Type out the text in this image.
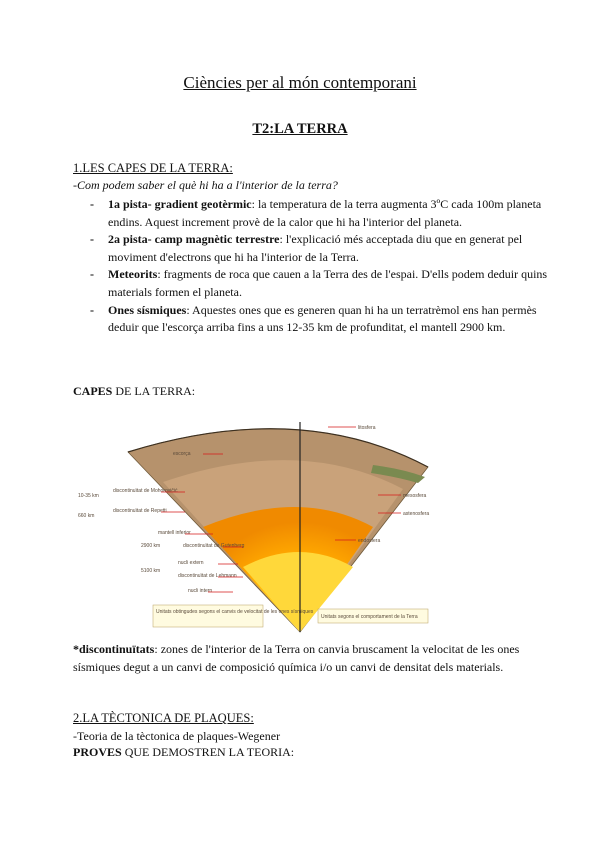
Ciències per al món contemporani
T2:LA TERRA
1.LES CAPES DE LA TERRA:
-Com podem saber el què hi ha a l'interior de la terra?
- 1a pista- gradient geotèrmic: la temperatura de la terra augmenta 3ºC cada 100m planeta endins. Aquest increment provè de la calor que hi ha l'interior del planeta.
- 2a pista- camp magnètic terrestre: l'explicació més acceptada diu que en generat pel moviment d'electrons que hi ha l'interior de la Terra.
- Meteorits: fragments de roca que cauen a la Terra des de l'espai. D'ells podem deduir quins materials formen el planeta.
- Ones sísmiques: Aquestes ones que es generen quan hi ha un terratrèmol ens han permès deduir que l'escorça arriba fins a uns 12-35 km de profunditat, el mantell 2900 km.
CAPES DE LA TERRA:
Unitats obtingudes segons el canvis de velocitat de les ones sísmiques
Unitats segons el comportament de la Terra
escorça
discontinuïtat de Mohorovičić
discontinuïtat de Repetti
mantell inferior
discontinuïtat de Gutenberg
nucli extern
discontinuïtat de Lehmann
nucli intern
10-35 km
660 km
2900 km
5100 km
litosfera
mesosfera
astenosfera
endosfera
*discontinuïtats: zones de l'interior de la Terra on canvia bruscament la velocitat de les ones sísmiques degut a un canvi de composició química i/o un canvi de densitat dels materials.
2.LA TÈCTONICA DE PLAQUES:
-Teoria de la tèctonica de plaques-Wegener
PROVES QUE DEMOSTREN LA TEORIA:
